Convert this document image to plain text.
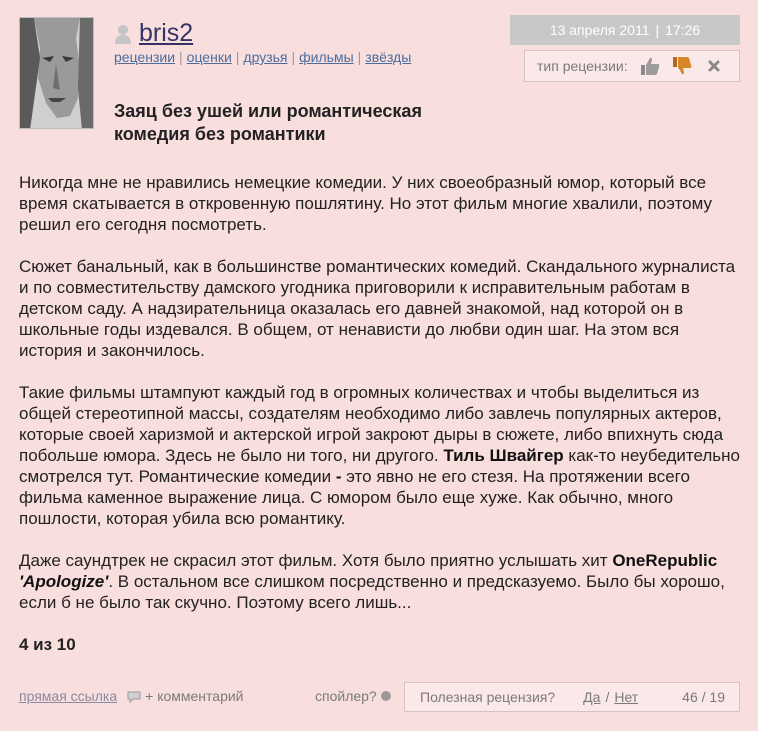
bris2
рецензии | оценки | друзья | фильмы | звёзды
13 апреля 2011 | 17:26
тип рецензии:
Заяц без ушей или романтическая комедия без романтики

Никогда мне не нравились немецкие комедии. У них своеобразный юмор, который все время скатывается в откровенную пошлятину. Но этот фильм многие хвалили, поэтому решил его сегодня посмотреть.

Сюжет банальный, как в большинстве романтических комедий. Скандального журналиста и по совместительству дамского угодника приговорили к исправительным работам в детском саду. А надзирательница оказалась его давней знакомой, над которой он в школьные годы издевался. В общем, от ненависти до любви один шаг. На этом вся история и закончилось.

Такие фильмы штампуют каждый год в огромных количествах и чтобы выделиться из общей стереотипной массы, создателям необходимо либо завлечь популярных актеров, которые своей харизмой и актерской игрой закроют дыры в сюжете, либо впихнуть сюда побольше юмора. Здесь не было ни того, ни другого. Тиль Швайгер как-то неубедительно смотрелся тут. Романтические комедии - это явно не его стезя. На протяжении всего фильма каменное выражение лица. С юмором было еще хуже. Как обычно, много пошлости, которая убила всю романтику.

Даже саундтрек не скрасил этот фильм. Хотя было приятно услышать хит OneRepublic 'Apologize'. В остальном все слишком посредственно и предсказуемо. Было бы хорошо, если б не было так скучно. Поэтому всего лишь...

4 из 10

прямая ссылка + комментарий	спойлер?	Полезная рецензия? Да / Нет	46 / 19
